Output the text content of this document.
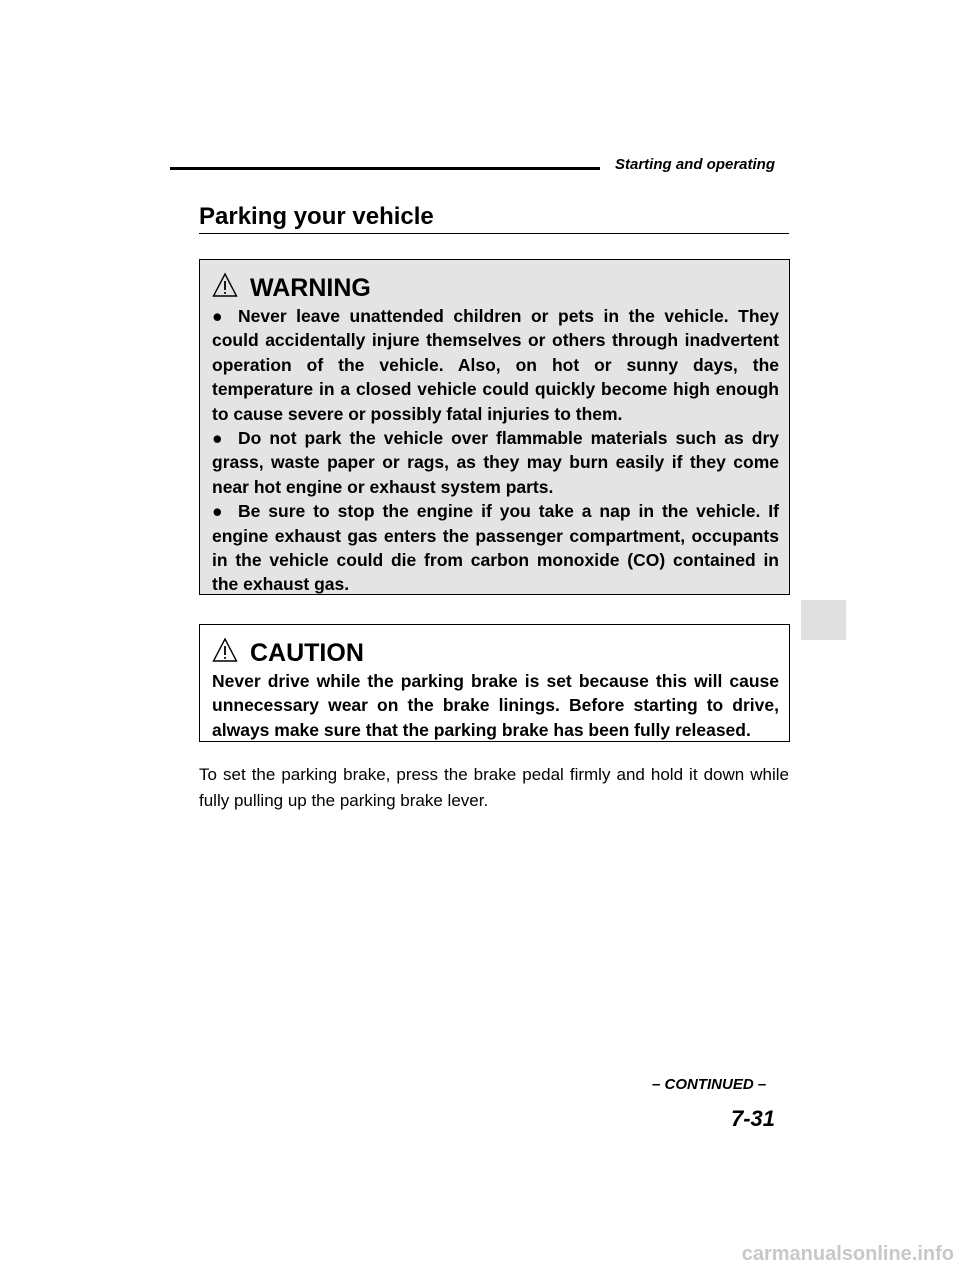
Starting and operating
Parking your vehicle
WARNING

● Never leave unattended children or pets in the vehicle. They could accidentally injure themselves or others through inadvertent operation of the vehicle. Also, on hot or sunny days, the temperature in a closed vehicle could quickly become high enough to cause severe or possibly fatal injuries to them.

● Do not park the vehicle over flammable materials such as dry grass, waste paper or rags, as they may burn easily if they come near hot engine or exhaust system parts.

● Be sure to stop the engine if you take a nap in the vehicle. If engine exhaust gas enters the passenger compartment, occupants in the vehicle could die from carbon monoxide (CO) contained in the exhaust gas.

CAUTION

Never drive while the parking brake is set because this will cause unnecessary wear on the brake linings. Before starting to drive, always make sure that the parking brake has been fully released.

To set the parking brake, press the brake pedal firmly and hold it down while fully pulling up the parking brake lever.

– CONTINUED –
7-31
carmanualsonline.info
